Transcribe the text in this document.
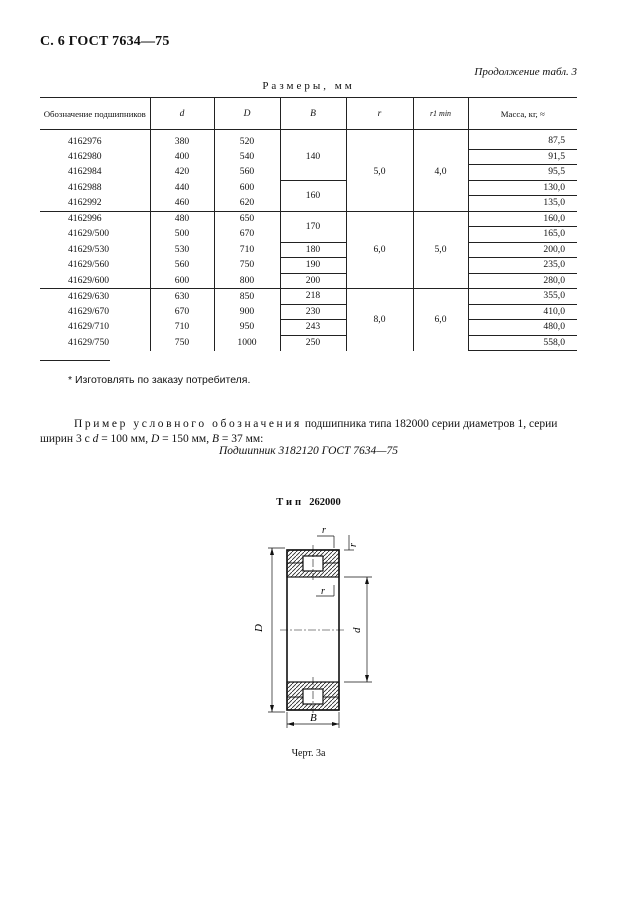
С. 6 ГОСТ 7634—75
Продолжение табл. 3
Размеры, мм
Обозначение подшипников	d	D	B	r	r1 min	Масса, кг, ≈
4162976	380	520	140	5,0	4,0	87,5
4162980	400	540				91,5
4162984	420	560				95,5
4162988	440	600	160			130,0
4162992	460	620				135,0
4162996	480	650	170	6,0	5,0	160,0
41629/500	500	670				165,0
41629/530	530	710	180			200,0
41629/560	560	750	190			235,0
41629/600	600	800	200			280,0
41629/630	630	850	218	8,0	6,0	355,0
41629/670	670	900	230			410,0
41629/710	710	950	243			480,0
41629/750	750	1000	250			558,0
* Изготовлять по заказу потребителя.
Пример условного обозначения подшипника типа 182000 серии диаметров 1, серии ширин 3 с d = 100 мм, D = 150 мм, B = 37 мм:
Подшипник 3182120 ГОСТ 7634—75
Тип 262000
D	d
B
r
r
r
Черт. 3а
